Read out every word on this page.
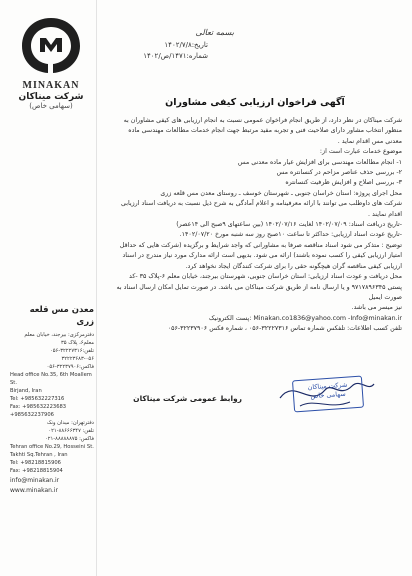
MINAKAN
شرکت میناکان
(سهامی خاص)
بسمه تعالی
تاریخ:۱۴۰۲/۷/۸
شماره:۱۴۷۱/ص/۱۴۰۲
آگهی فراخوان ارزیابی کیفی مشاوران

شرکت میناکان در نظر دارد، از طریق انجام فراخوان عمومی نسبت به انجام ارزیابی های کیفی مشاوران به

منظور انتخاب مشاور دارای صلاحیت فنی و تجربه مفید مرتبط جهت انجام خدمات مطالعات مهندسی ماده

معدنی مس اقدام نماید .

موضوع خدمات عبارت است از:

۱- انجام مطالعات مهندسی برای افزایش عیار ماده معدنی مس

۲- بررسی حذف عناصر مزاحم در کنسانتره مس

۳- بررسی اصلاح و افزایش ظرفیت کنسانتره

محل اجرای پروژه: استان خراسان جنوبی ـ شهرستان خوسف ـ روستای معدن مس قلعه زری

شرکت های داوطلب می توانند با ارائه معرفینامه و اعلام آمادگی به شرح ذیل نسبت به دریافت اسناد ارزیابی

اقدام نمایند .

-تاریخ دریافت اسناد: ۱۴۰۲/۰۷/۰۹ لغایت ۱۴۰۲/۰۷/۱۶ (بین ساعتهای ۹صبح الی ۱۴عصر)

-تاریخ عودت اسناد ارزیابی: حداکثر تا ساعت ۱۰صبح روز سه شنبه مورخ ۱۴۰۲/۰۷/۲۰.

توضیح : متذکر می شود اسناد مناقصه صرفا به مشاورانی که واجد شرایط و برگزیده (شرکت هایی که حداقل

امتیاز ارزیابی کیفی را کسب نموده باشند) ارائه می شود. بدیهی است ارائه مدارک مورد نیاز مندرج در اسناد

ارزیابی کیفی مناقصه گران هیچگونه حقی را برای شرکت کنندگان ایجاد نخواهد کرد.

محل دریافت و عودت اسناد ارزیابی: استان خراسان جنوبی، شهرستان بیرجند، خیابان معلم ۶-پلاک ۳۵ -کد

پستی ۹۷۱۷۸۹۶۳۴۵ و یا ارسال نامه از طریق شرکت میناکان می باشد. در صورت تمایل امکان ارسال اسناد به صورت ایمیل

نیز میسر می باشد.

Minakan.co1836@yahoo.com -Info@minakan.ir :پست الکترونیک

تلفن کسب اطلاعات: تلفکس شماره تماس ۳۲۲۲۷۳۱۶-۰۵۶ ، شماره فکس ۳۲۲۳۷۹۰۶-۰۵۶

شرکت میناکان
سهامی خاص
روابط عمومی شرکت میناکان
معدن مس قلعه زری
دفترمرکزی: بیرجند، خیابان معلم
معلم۶، پلاک ۳۵
تلفن:۳۲۲۲۷۳۱۶-۰۵۶
۳۲۲۲۳۶۸۳-۰۵۶
فاکس:۳۲۲۳۷۹۰۶-۰۵۶
Head office No.35, 6th Moallem St.
Birjand, Iran
Tel: +985632227316
Fax: +985632223683
+985632237906
دفترتهران: میدان ونک
تلفن: ۸۸۶۶۶۳۴۷-۰۲۱
فاکس: ۸۸۸۸۸۸۷۵-۰۲۱
Tehran office No.29, Hosseini St.
Takhti Sq.Tehran , Iran
Tel: +98218815906
Fax: +98218815904
info@minakan.ir
www.minakan.ir
